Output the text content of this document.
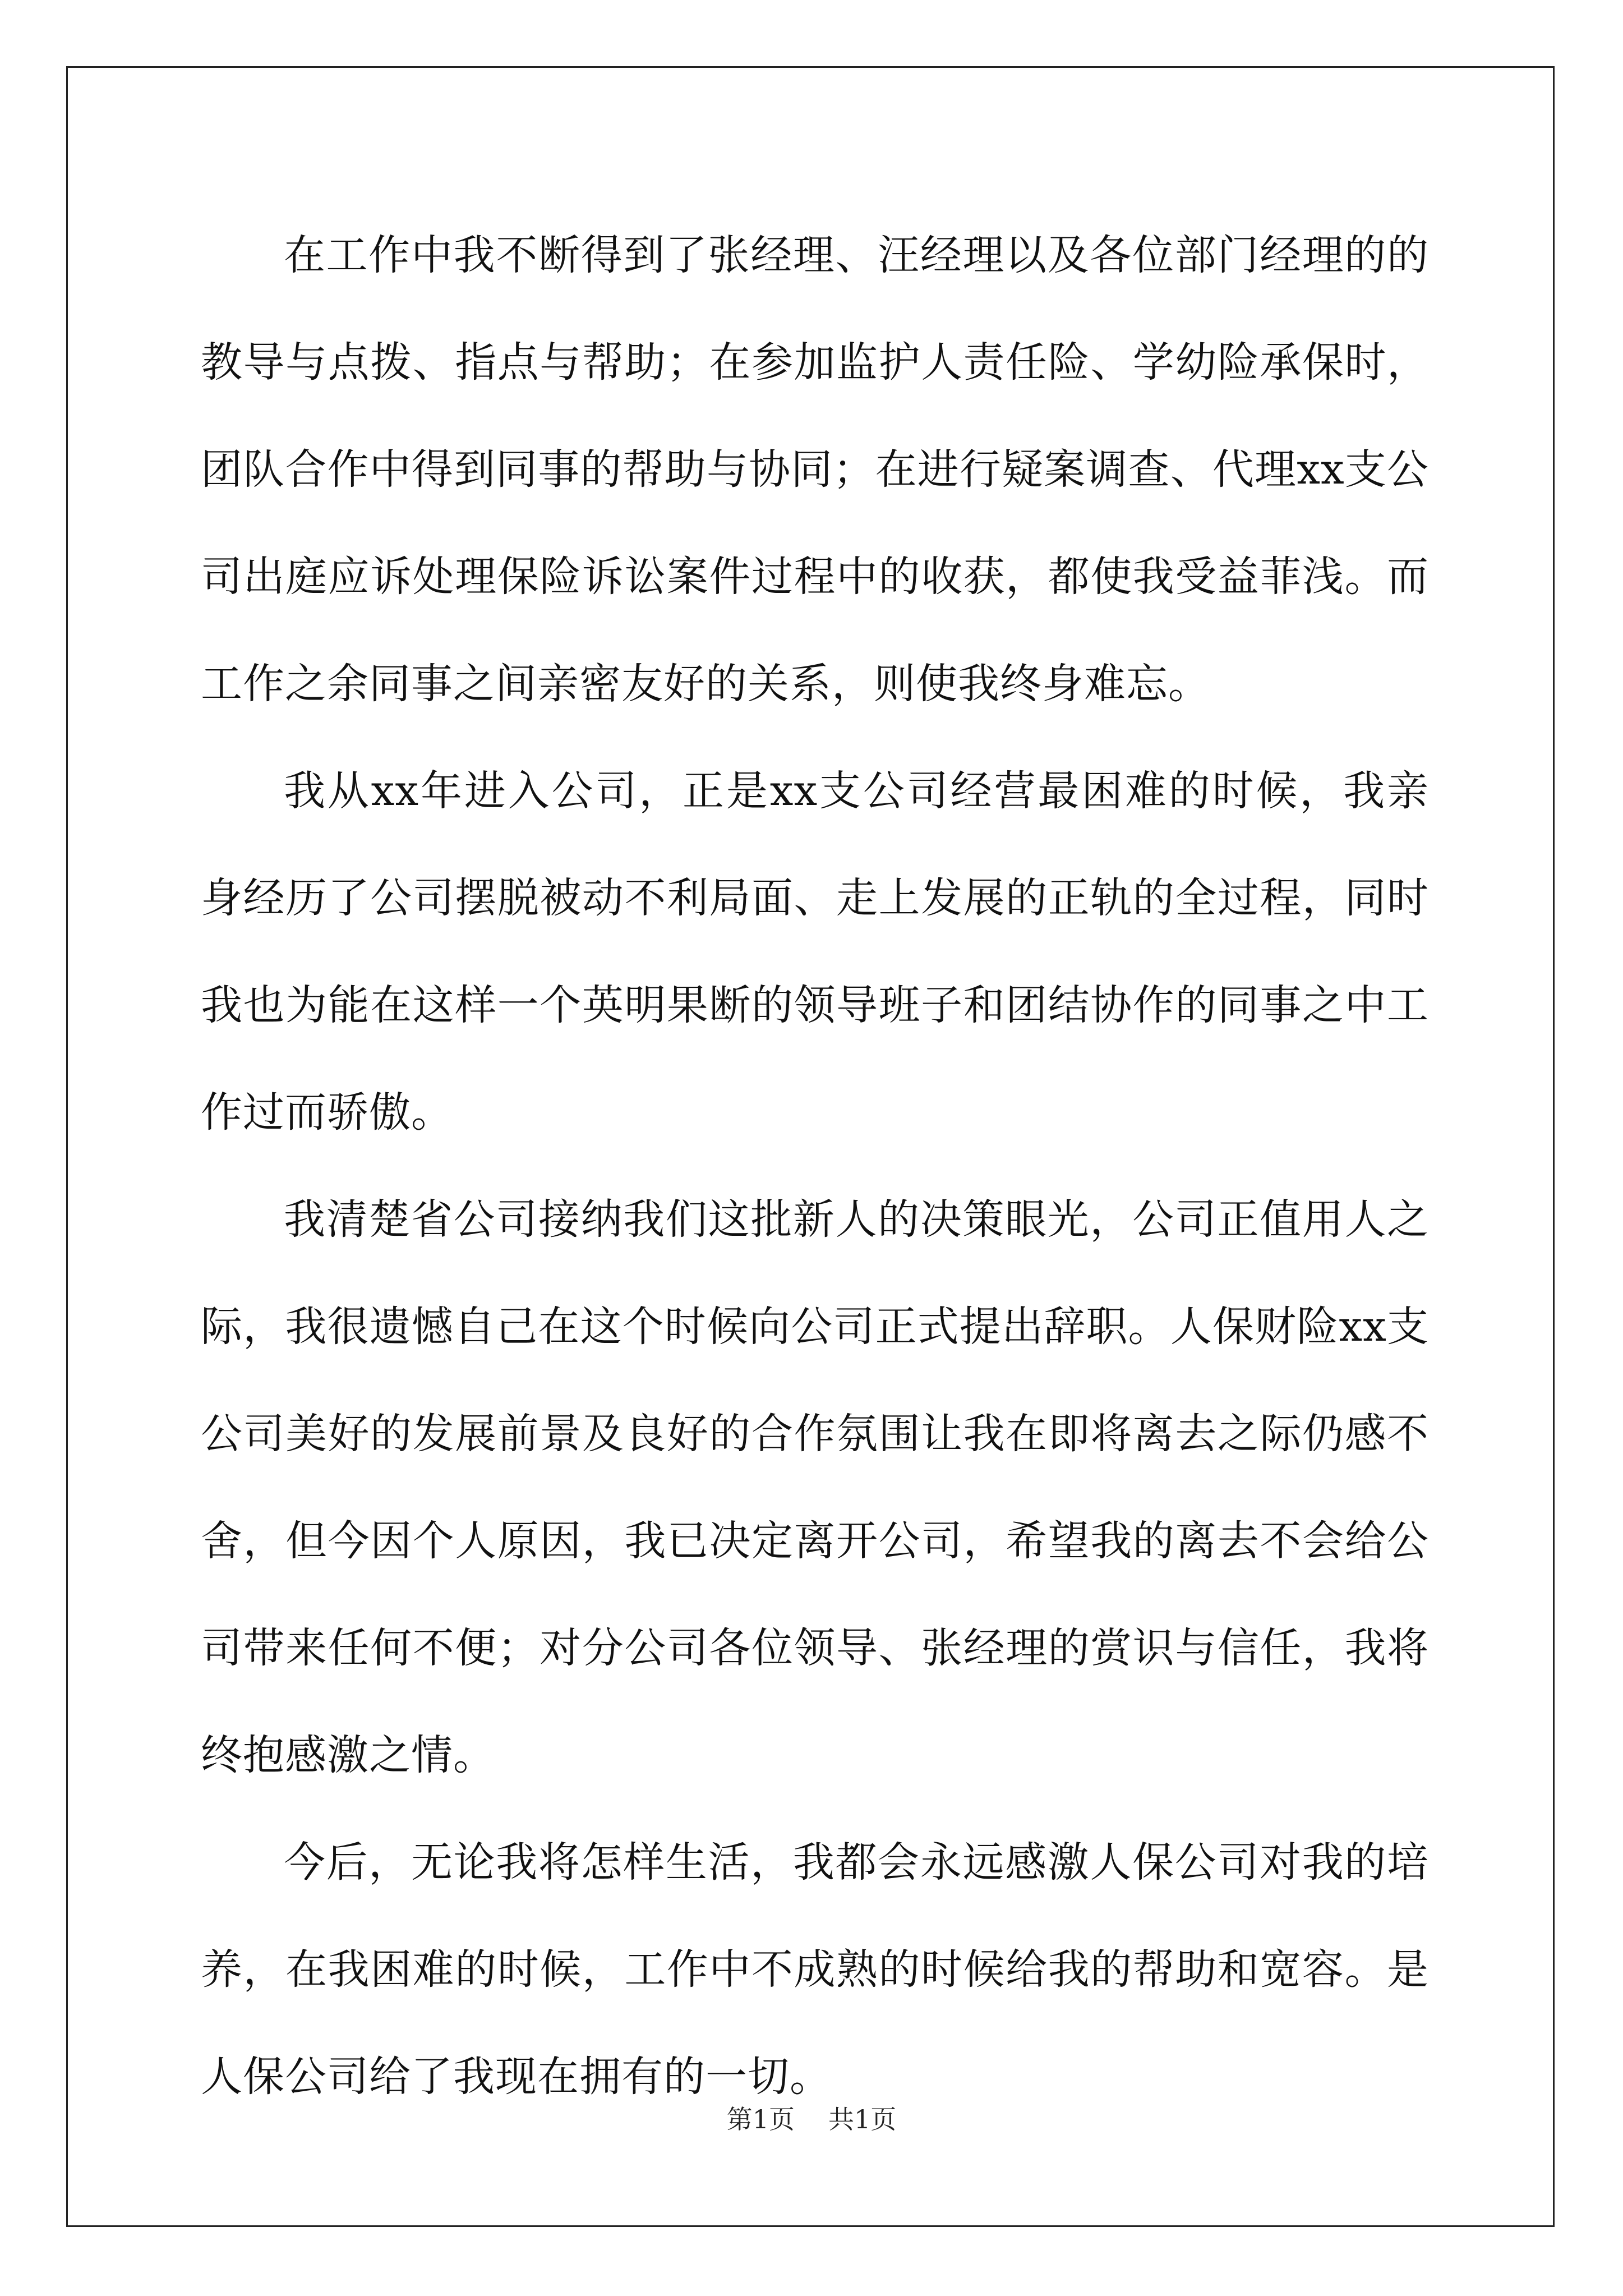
在工作中我不断得到了张经理、汪经理以及各位部门经理的的教导与点拨、指点与帮助；在参加监护人责任险、学幼险承保时，团队合作中得到同事的帮助与协同；在进行疑案调查、代理xx支公司出庭应诉处理保险诉讼案件过程中的收获，都使我受益菲浅。而工作之余同事之间亲密友好的关系，则使我终身难忘。

我从xx年进入公司，正是xx支公司经营最困难的时候，我亲身经历了公司摆脱被动不利局面、走上发展的正轨的全过程，同时我也为能在这样一个英明果断的领导班子和团结协作的同事之中工作过而骄傲。

我清楚省公司接纳我们这批新人的决策眼光，公司正值用人之际，我很遗憾自己在这个时候向公司正式提出辞职。人保财险xx支公司美好的发展前景及良好的合作氛围让我在即将离去之际仍感不舍，但今因个人原因，我已决定离开公司，希望我的离去不会给公司带来任何不便；对分公司各位领导、张经理的赏识与信任，我将终抱感激之情。

今后，无论我将怎样生活，我都会永远感激人保公司对我的培养，在我困难的时候，工作中不成熟的时候给我的帮助和宽容。是人保公司给了我现在拥有的一切。

第1页 共1页
